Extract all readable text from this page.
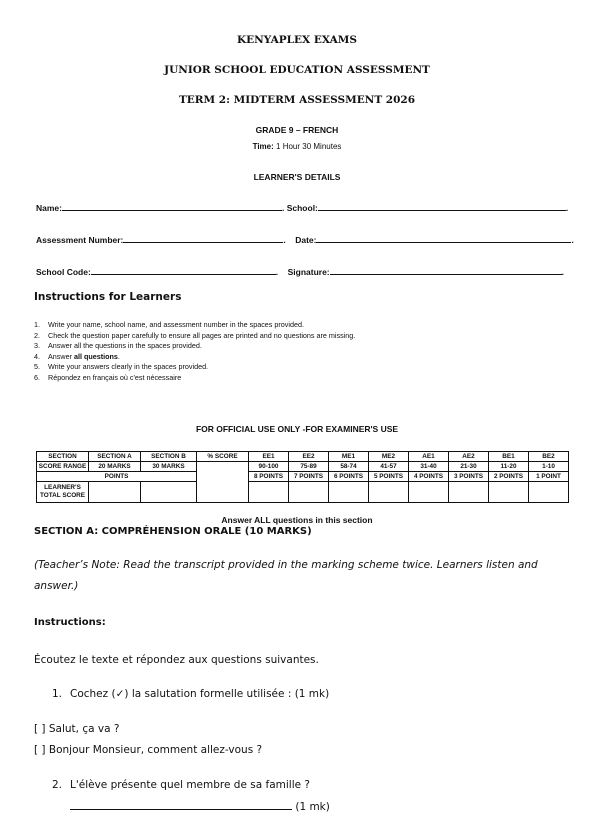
KENYAPLEX EXAMS
JUNIOR SCHOOL EDUCATION ASSESSMENT
TERM 2: MIDTERM ASSESSMENT 2026
GRADE 9 – FRENCH
Time: 1 Hour 30 Minutes
LEARNER'S DETAILS
Name:	. School:	.
Assessment Number:	.    Date:	.
School Code:	.    Signature:	.
Instructions for Learners
1. Write your name, school name, and assessment number in the spaces provided.
2. Check the question paper carefully to ensure all pages are printed and no questions are missing.
3. Answer all the questions in the spaces provided.
4. Answer all questions.
5. Write your answers clearly in the spaces provided.
6. Répondez en français où c'est nécessaire
FOR OFFICIAL USE ONLY -FOR EXAMINER'S USE
SECTION	SECTION A	SECTION B	% SCORE	EE1	EE2	ME1	ME2	AE1	AE2	BE1	BE2
SCORE RANGE	20 MARKS	30 MARKS		90-100	75-89	58-74	41-57	31-40	21-30	11-20	1-10
POINTS				8 POINTS	7 POINTS	6 POINTS	5 POINTS	4 POINTS	3 POINTS	2 POINTS	1 POINT
LEARNER'S TOTAL SCORE											

Answer ALL questions in this section
SECTION A: COMPRÉHENSION ORALE (10 MARKS)
(Teacher’s Note: Read the transcript provided in the marking scheme twice. Learners listen and answer.)
Instructions:
Écoutez le texte et répondez aux questions suivantes.
1. Cochez (✓) la salutation formelle utilisée : (1 mk)
[ ] Salut, ça va ?
[ ] Bonjour Monsieur, comment allez-vous ?
2. L'élève présente quel membre de sa famille ?
(1 mk)
